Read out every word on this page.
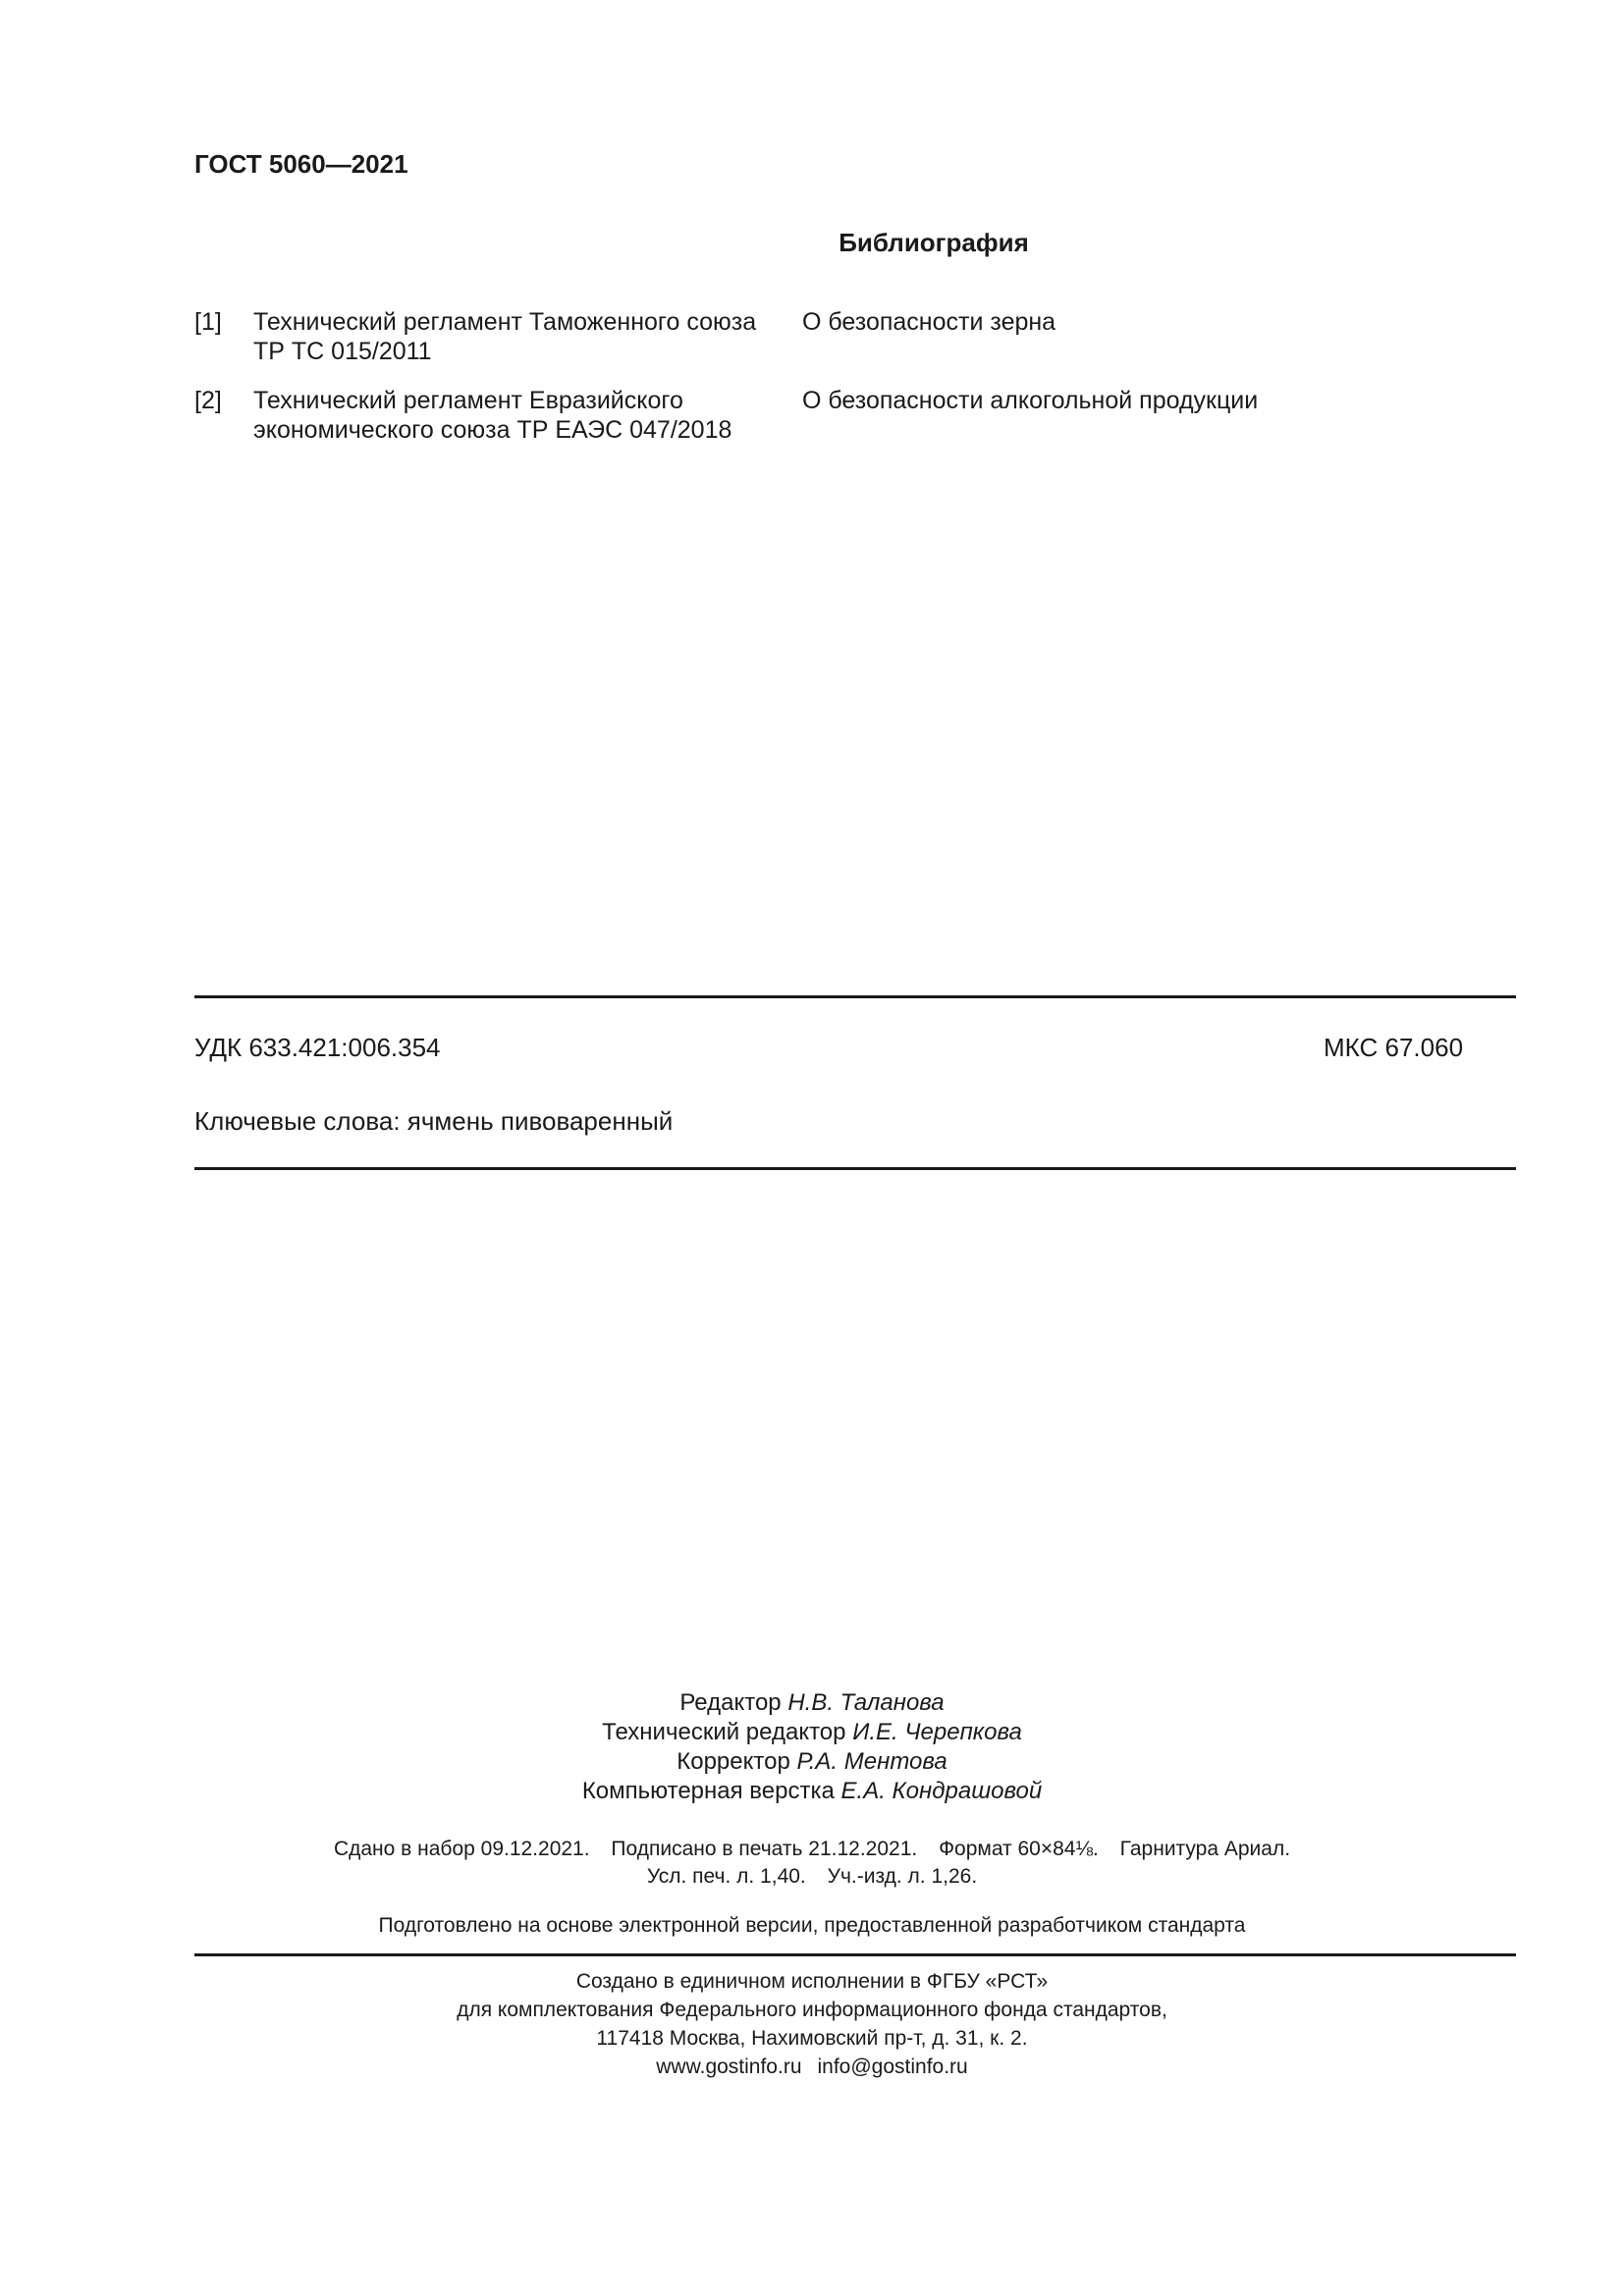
ГОСТ 5060—2021
Библиография
[1] Технический регламент Таможенного союза
ТР ТС 015/2011
О безопасности зерна
[2] Технический регламент Евразийского
экономического союза ТР ЕАЭС 047/2018
О безопасности алкогольной продукции
УДК 633.421:006.354	МКС 67.060
Ключевые слова: ячмень пивоваренный
Редактор Н.В. Таланова
Технический редактор И.Е. Черепкова
Корректор Р.А. Ментова
Компьютерная верстка Е.А. Кондрашовой
Сдано в набор 09.12.2021. Подписано в печать 21.12.2021. Формат 60×84⅛. Гарнитура Ариал.
Усл. печ. л. 1,40. Уч.-изд. л. 1,26.
Подготовлено на основе электронной версии, предоставленной разработчиком стандарта
Создано в единичном исполнении в ФГБУ «РСТ»
для комплектования Федерального информационного фонда стандартов,
117418 Москва, Нахимовский пр-т, д. 31, к. 2.
www.gostinfo.ru info@gostinfo.ru
